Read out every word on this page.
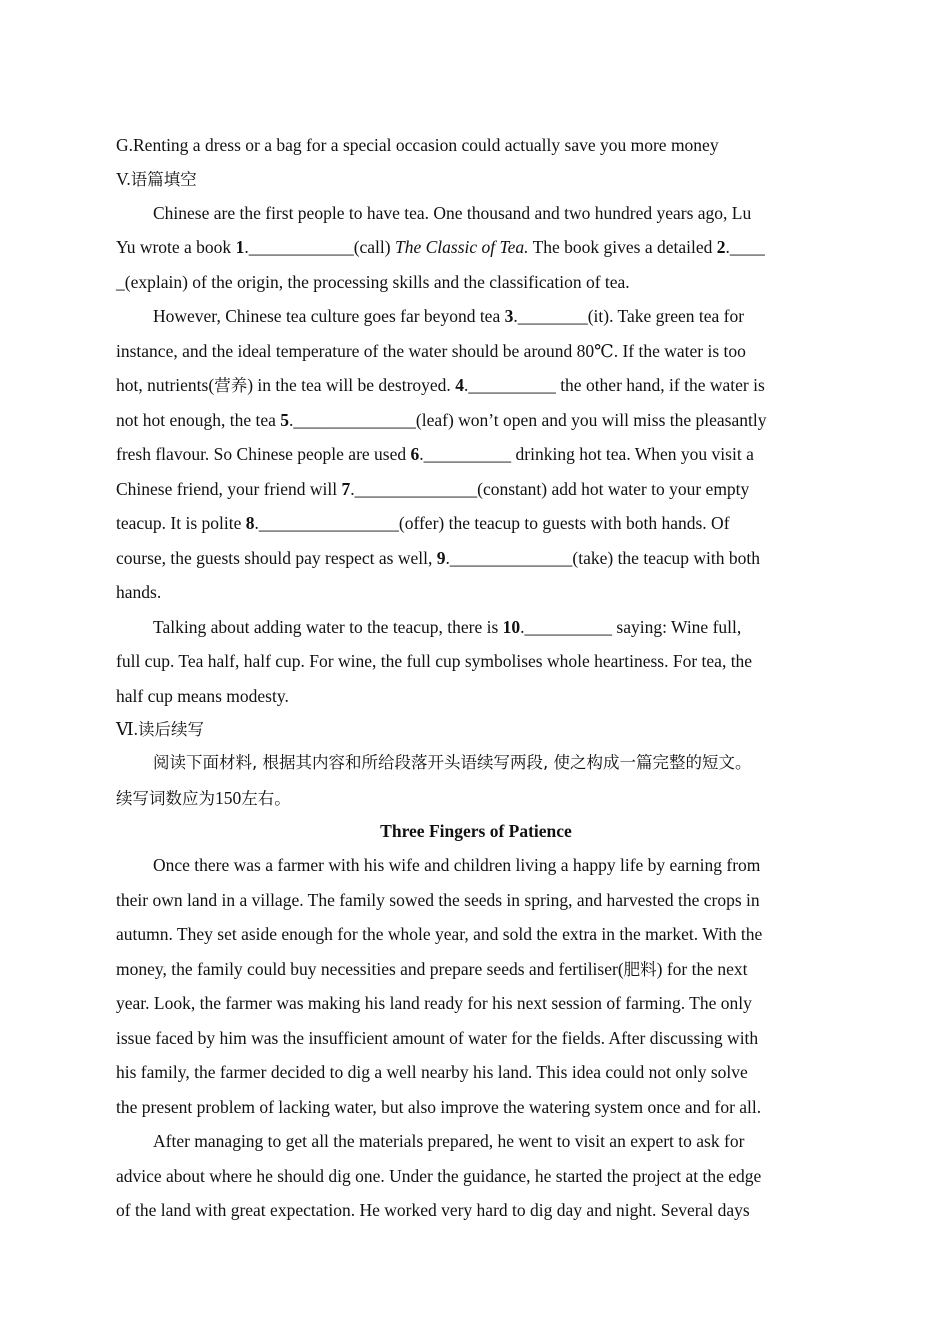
G.Renting a dress or a bag for a special occasion could actually save you more money
V.语篇填空
Chinese are the first people to have tea. One thousand and two hundred years ago, Lu
Yu wrote a book 1.____________(call) The Classic of Tea. The book gives a detailed 2.____
_(explain) of the origin, the processing skills and the classification of tea.
However, Chinese tea culture goes far beyond tea 3.________(it). Take green tea for
instance, and the ideal temperature of the water should be around 80℃. If the water is too
hot, nutrients(营养) in the tea will be destroyed. 4.__________ the other hand, if the water is
not hot enough, the tea 5.______________(leaf) won’t open and you will miss the pleasantly
fresh flavour. So Chinese people are used 6.__________ drinking hot tea. When you visit a
Chinese friend, your friend will 7.______________(constant) add hot water to your empty
teacup. It is polite 8.________________(offer) the teacup to guests with both hands. Of
course, the guests should pay respect as well, 9.______________(take) the teacup with both
hands.
Talking about adding water to the teacup, there is 10.__________ saying: Wine full,
full cup. Tea half, half cup. For wine, the full cup symbolises whole heartiness. For tea, the
half cup means modesty.
Ⅵ.读后续写
阅读下面材料, 根据其内容和所给段落开头语续写两段, 使之构成一篇完整的短文。
续写词数应为150左右。
Three Fingers of Patience
Once there was a farmer with his wife and children living a happy life by earning from
their own land in a village. The family sowed the seeds in spring, and harvested the crops in
autumn. They set aside enough for the whole year, and sold the extra in the market. With the
money, the family could buy necessities and prepare seeds and fertiliser(肥料) for the next
year. Look, the farmer was making his land ready for his next session of farming. The only
issue faced by him was the insufficient amount of water for the fields. After discussing with
his family, the farmer decided to dig a well nearby his land. This idea could not only solve
the present problem of lacking water, but also improve the watering system once and for all.
After managing to get all the materials prepared, he went to visit an expert to ask for
advice about where he should dig one. Under the guidance, he started the project at the edge
of the land with great expectation. He worked very hard to dig day and night. Several days
